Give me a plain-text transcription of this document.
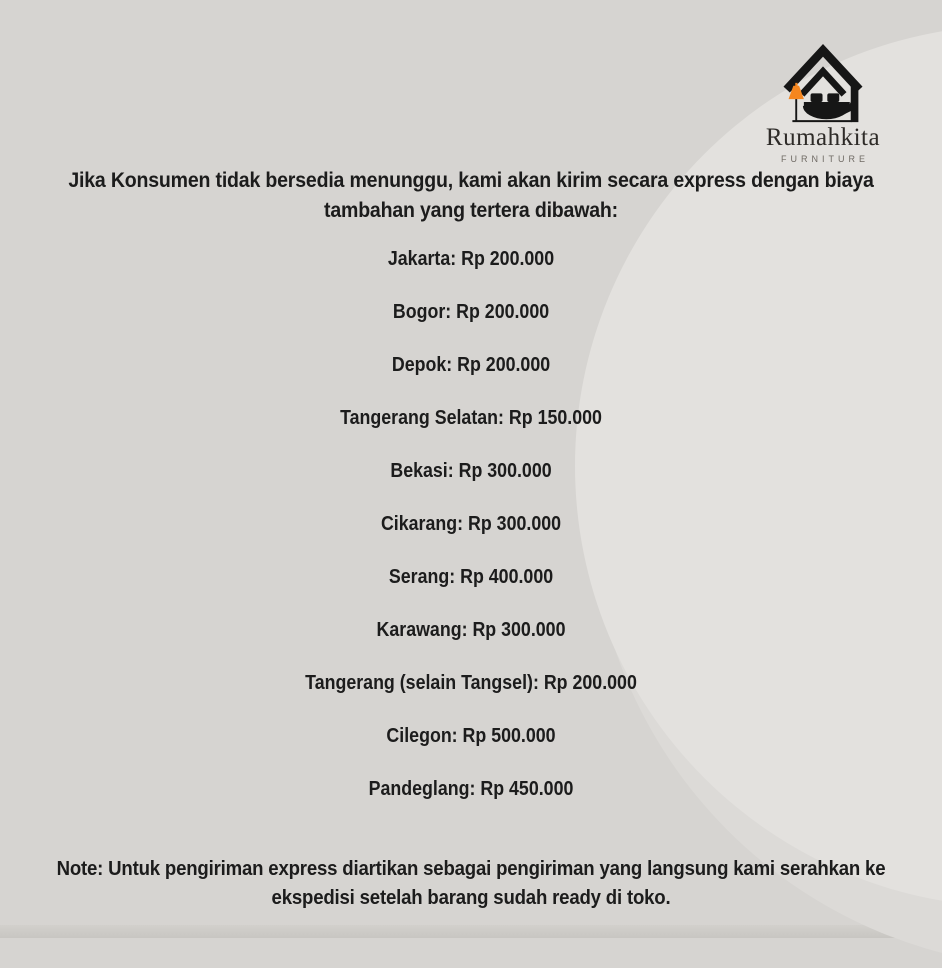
Rumahkita
FURNITURE
Jika Konsumen tidak bersedia menunggu, kami akan kirim secara express dengan biaya
tambahan yang tertera dibawah:
Jakarta: Rp 200.000
Bogor: Rp 200.000
Depok: Rp 200.000
Tangerang Selatan: Rp 150.000
Bekasi: Rp 300.000
Cikarang: Rp 300.000
Serang: Rp 400.000
Karawang: Rp 300.000
Tangerang (selain Tangsel): Rp 200.000
Cilegon: Rp 500.000
Pandeglang: Rp 450.000
Note: Untuk pengiriman express diartikan sebagai pengiriman yang langsung kami serahkan ke
ekspedisi setelah barang sudah ready di toko.
